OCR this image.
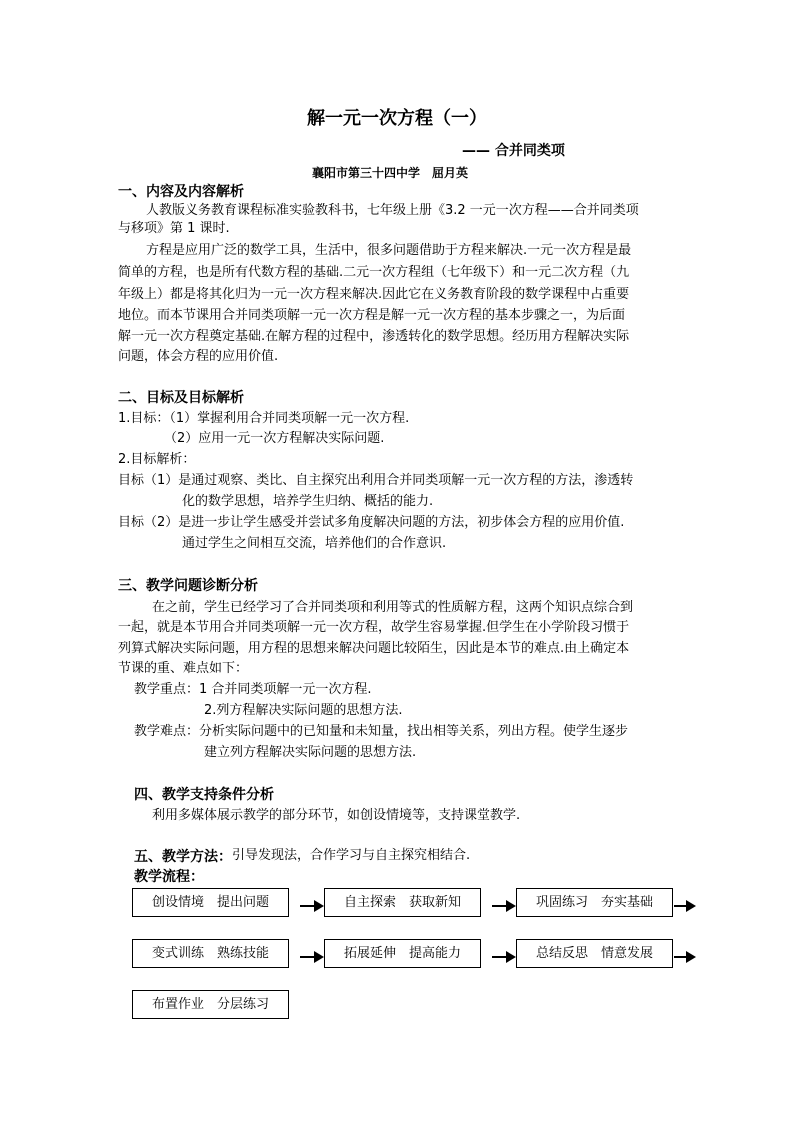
解一元一次方程（一）
—— 合并同类项
襄阳市第三十四中学　屈月英
一、内容及内容解析
人教版义务教育课程标准实验教科书，七年级上册《3.2 一元一次方程——合并同类项
与移项》第 1 课时.
方程是应用广泛的数学工具，生活中，很多问题借助于方程来解决.一元一次方程是最
简单的方程，也是所有代数方程的基础.二元一次方程组（七年级下）和一元二次方程（九
年级上）都是将其化归为一元一次方程来解决.因此它在义务教育阶段的数学课程中占重要
地位。而本节课用合并同类项解一元一次方程是解一元一次方程的基本步骤之一，为后面
解一元一次方程奠定基础.在解方程的过程中，渗透转化的数学思想。经历用方程解决实际
问题，体会方程的应用价值.
二、目标及目标解析
1.目标：（1）掌握利用合并同类项解一元一次方程.
（2）应用一元一次方程解决实际问题.
2.目标解析：
目标（1）是通过观察、类比、自主探究出利用合并同类项解一元一次方程的方法，渗透转
化的数学思想，培养学生归纳、概括的能力.
目标（2）是进一步让学生感受并尝试多角度解决问题的方法，初步体会方程的应用价值.
通过学生之间相互交流，培养他们的合作意识.
三、教学问题诊断分析
在之前，学生已经学习了合并同类项和利用等式的性质解方程，这两个知识点综合到
一起，就是本节用合并同类项解一元一次方程，故学生容易掌握.但学生在小学阶段习惯于
列算式解决实际问题，用方程的思想来解决问题比较陌生，因此是本节的难点.由上确定本
节课的重、难点如下：
教学重点：1 合并同类项解一元一次方程.
2.列方程解决实际问题的思想方法.
教学难点：分析实际问题中的已知量和未知量，找出相等关系，列出方程。使学生逐步
建立列方程解决实际问题的思想方法.
四、教学支持条件分析
利用多媒体展示教学的部分环节，如创设情境等，支持课堂教学.
五、教学方法： 引导发现法，合作学习与自主探究相结合.
教学流程：
创设情境　提出问题	自主探索　获取新知	巩固练习　夯实基础
变式训练　熟练技能	拓展延伸　提高能力	总结反思　情意发展
布置作业　分层练习
